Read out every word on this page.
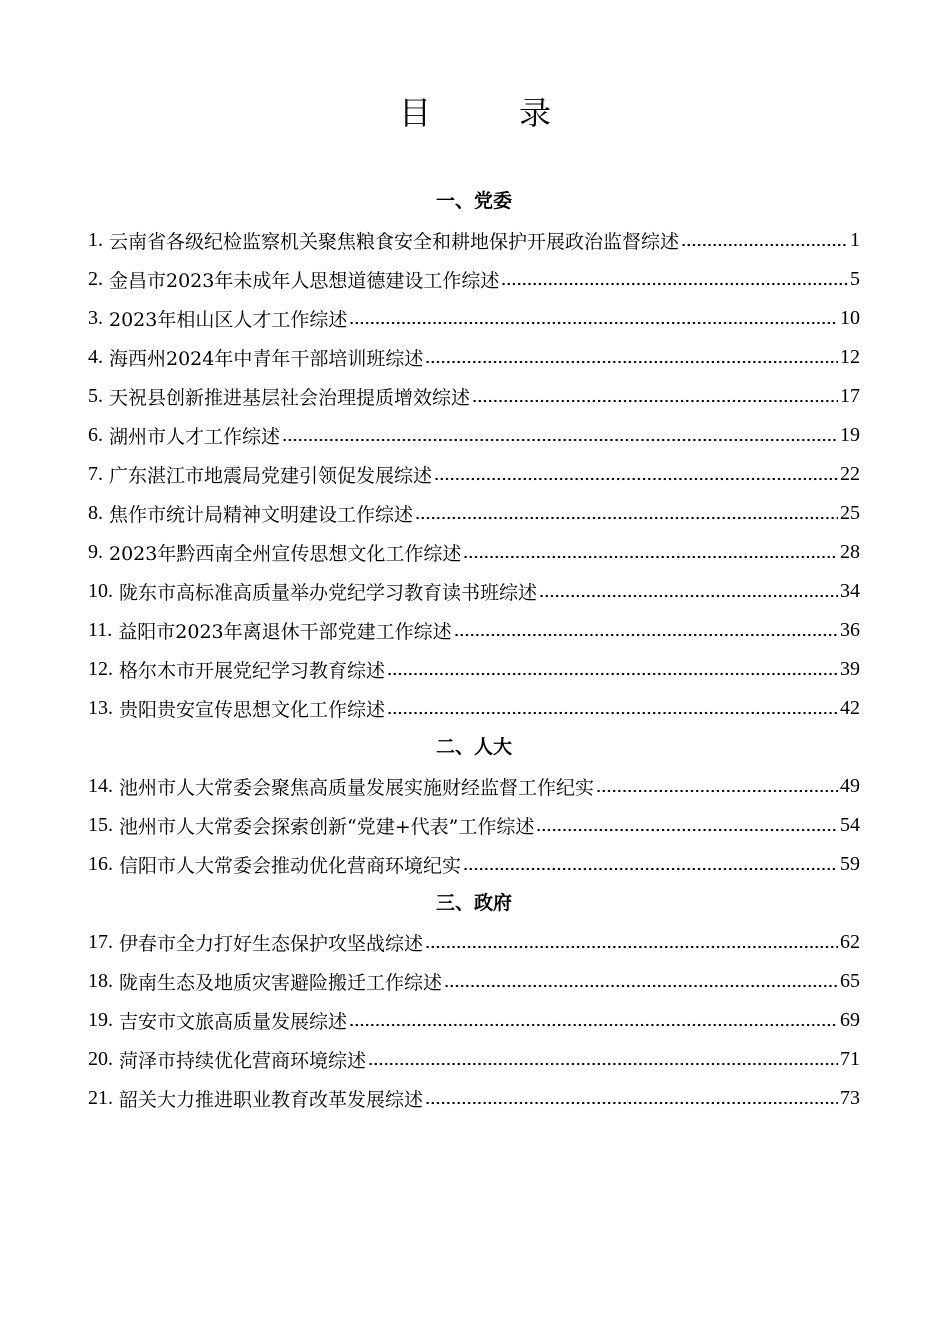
目　录
一、党委
1. 云南省各级纪检监察机关聚焦粮食安全和耕地保护开展政治监督综述	1
2. 金昌市2023年未成年人思想道德建设工作综述	5
3. 2023年相山区人才工作综述	10
4. 海西州2024年中青年干部培训班综述	12
5. 天祝县创新推进基层社会治理提质增效综述	17
6. 湖州市人才工作综述	19
7. 广东湛江市地震局党建引领促发展综述	22
8. 焦作市统计局精神文明建设工作综述	25
9. 2023年黔西南全州宣传思想文化工作综述	28
10. 陇东市高标准高质量举办党纪学习教育读书班综述	34
11. 益阳市2023年离退休干部党建工作综述	36
12. 格尔木市开展党纪学习教育综述	39
13. 贵阳贵安宣传思想文化工作综述	42
二、人大
14. 池州市人大常委会聚焦高质量发展实施财经监督工作纪实	49
15. 池州市人大常委会探索创新“党建+代表”工作综述	54
16. 信阳市人大常委会推动优化营商环境纪实	59
三、政府
17. 伊春市全力打好生态保护攻坚战综述	62
18. 陇南生态及地质灾害避险搬迁工作综述	65
19. 吉安市文旅高质量发展综述	69
20. 菏泽市持续优化营商环境综述	71
21. 韶关大力推进职业教育改革发展综述	73
